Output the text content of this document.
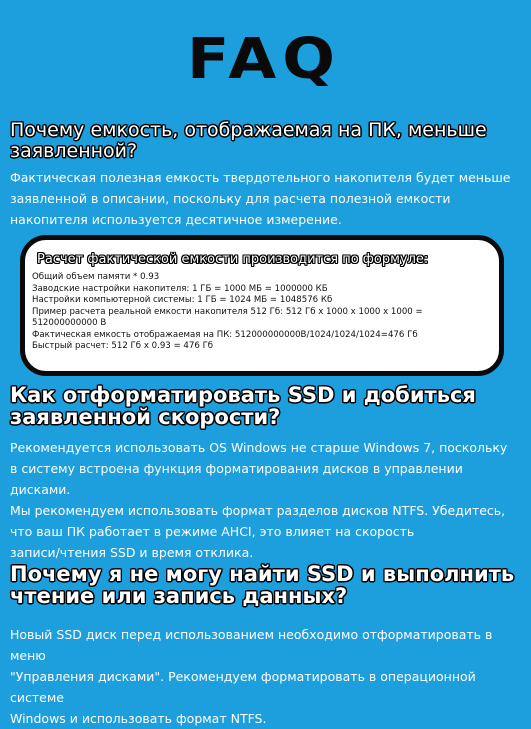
FAQ
Почему емкость, отображаемая на ПК, меньше заявленной?
Фактическая полезная емкость твердотельного накопителя будет меньше
заявленной в описании, поскольку для расчета полезной емкости
накопителя используется десятичное измерение.
Расчет фактической емкости производится по формуле:
Общий объем памяти * 0.93
Заводские настройки накопителя: 1 ГБ = 1000 МБ = 1000000 КБ
Настройки компьютерной системы: 1 ГБ = 1024 МБ = 1048576 Кб
Пример расчета реальной емкости накопителя 512 Гб: 512 Гб x 1000 x 1000 x 1000 =
512000000000 B
Фактическая емкость отображаемая на ПК: 512000000000B/1024/1024/1024=476 Гб
Быстрый расчет: 512 Гб x 0.93 = 476 Гб
Как отформатировать SSD и добиться заявленной скорости?
Рекомендуется использовать OS Windows не старше Windows 7, поскольку
в систему встроена функция форматирования дисков в управлении
дисками.
Мы рекомендуем использовать формат разделов дисков NTFS. Убедитесь,
что ваш ПК работает в режиме AHCI, это влияет на скорость
записи/чтения SSD и время отклика.
Почему я не могу найти SSD и выполнить чтение или запись данных?
Новый SSD диск перед использованием необходимо отформатировать в меню
"Управления дисками". Рекомендуем форматировать в операционной системе
Windows и использовать формат NTFS.
